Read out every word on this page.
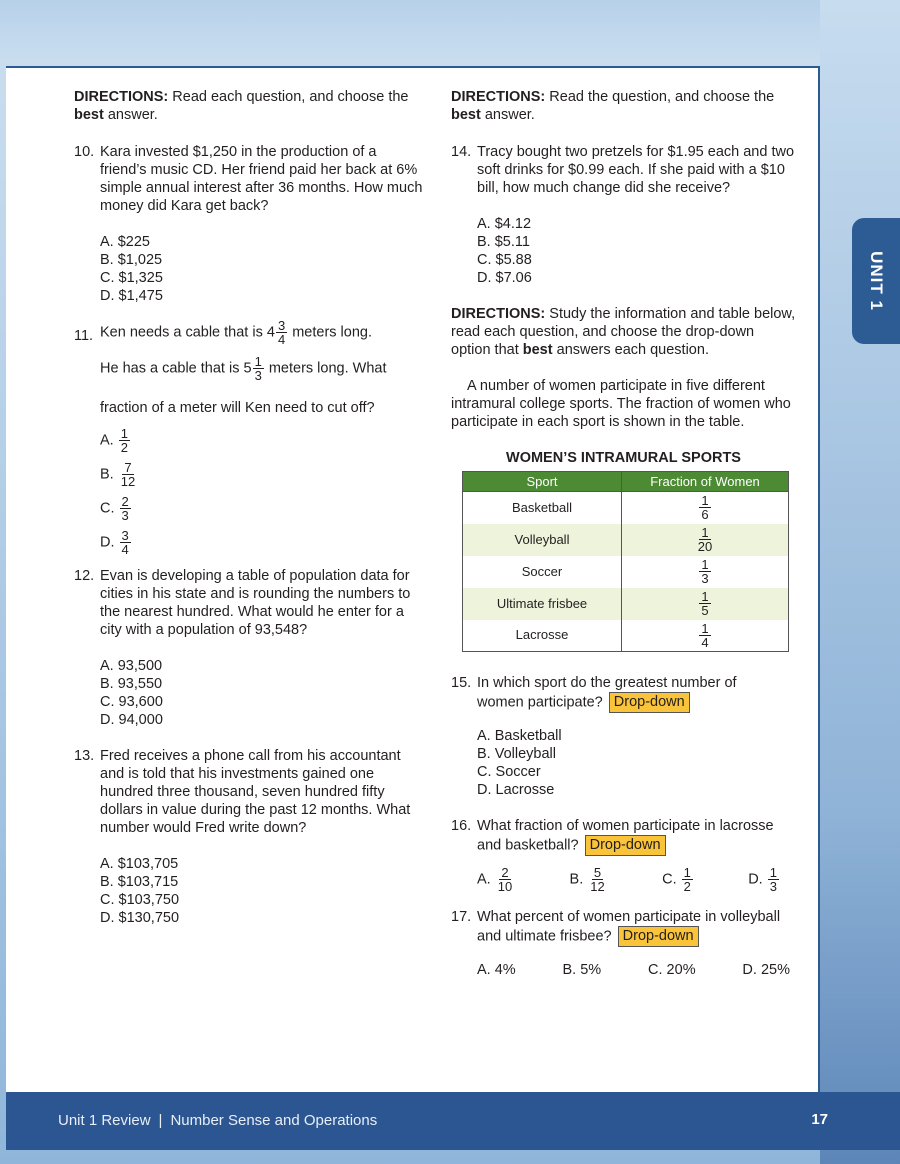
UNIT 1

DIRECTIONS: Read each question, and choose the best answer.

10. Kara invested $1,250 in the production of a friend’s music CD. Her friend paid her back at 6% simple annual interest after 36 months. How much money did Kara get back?

A. $225
B. $1,025
C. $1,325
D. $1,475
11. Ken needs a cable that is $4 \frac{3}{4}$ meters long.

He has a cable that is $5 \frac{1}{3}$ meters long. What

fraction of a meter will Ken need to cut off?

A. $\frac{1}{2}$
B. $\frac{7}{12}$
C. $\frac{2}{3}$
D. $\frac{3}{4}$
12. Evan is developing a table of population data for cities in his state and is rounding the numbers to the nearest hundred. What would he enter for a city with a population of 93,548?

A. 93,500
B. 93,550
C. 93,600
D. 94,000
13. Fred receives a phone call from his accountant and is told that his investments gained one hundred three thousand, seven hundred fifty dollars in value during the past 12 months. What number would Fred write down?

A. $103,705
B. $103,715
C. $103,750
D. $130,750

DIRECTIONS: Read the question, and choose the best answer.

14. Tracy bought two pretzels for $1.95 each and two soft drinks for $0.99 each. If she paid with a $10 bill, how much change did she receive?

A. $4.12
B. $5.11
C. $5.88
D. $7.06

DIRECTIONS: Study the information and table below, read each question, and choose the drop-down option that best answers each question.

A number of women participate in five different intramural college sports. The fraction of women who participate in each sport is shown in the table.

WOMEN’S INTRAMURAL SPORTS

Sport	Fraction of Women
Basketball	$\frac{1}{6}$

Volleyball	$\frac{1}{20}$

Soccer	$\frac{1}{3}$

Ultimate frisbee	$\frac{1}{5}$

Lacrosse	$\frac{1}{4}$
15. In which sport do the greatest number of

women participate? Drop-down

A. Basketball
B. Volleyball
C. Soccer
D. Lacrosse
16. What fraction of women participate in lacrosse

and basketball? Drop-down

A. $\frac{2}{10}$	B. $\frac{5}{12}$	C. $\frac{1}{2}$	D. $\frac{1}{3}$
17. What percent of women participate in volleyball

and ultimate frisbee? Drop-down

A. 4%	B. 5%	C. 20%	D. 25%
Unit 1 Review | Number Sense and Operations	17
